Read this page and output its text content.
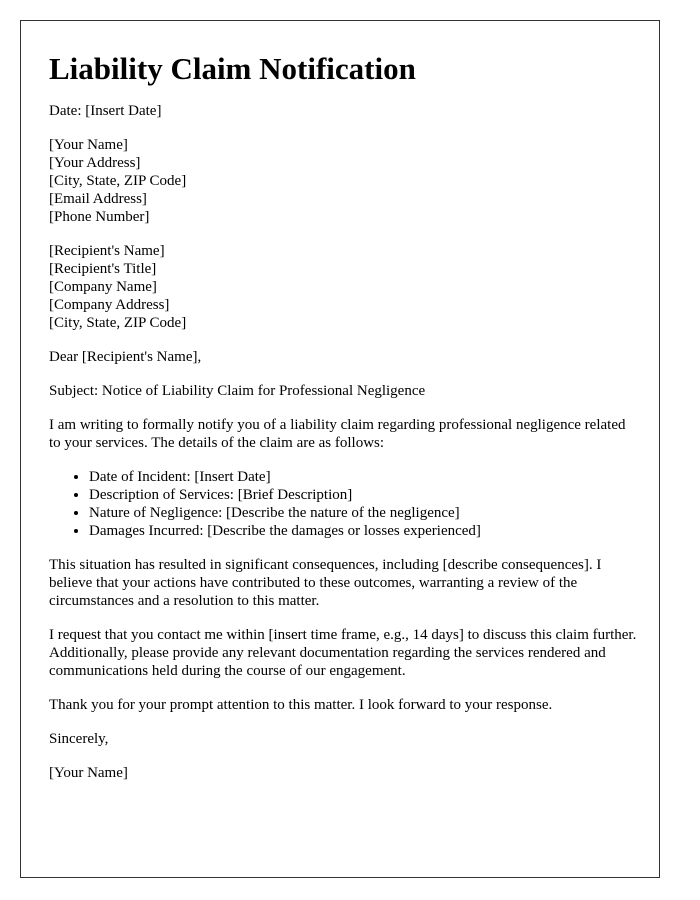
Liability Claim Notification

Date: [Insert Date]

[Your Name]
[Your Address]
[City, State, ZIP Code]
[Email Address]
[Phone Number]
[Recipient's Name]
[Recipient's Title]
[Company Name]
[Company Address]
[City, State, ZIP Code]

Dear [Recipient's Name],

Subject: Notice of Liability Claim for Professional Negligence

I am writing to formally notify you of a liability claim regarding professional negligence related to your services. The details of the claim are as follows:

• Date of Incident: [Insert Date]
• Description of Services: [Brief Description]
• Nature of Negligence: [Describe the nature of the negligence]
• Damages Incurred: [Describe the damages or losses experienced]

This situation has resulted in significant consequences, including [describe consequences]. I believe that your actions have contributed to these outcomes, warranting a review of the circumstances and a resolution to this matter.

I request that you contact me within [insert time frame, e.g., 14 days] to discuss this claim further. Additionally, please provide any relevant documentation regarding the services rendered and communications held during the course of our engagement.

Thank you for your prompt attention to this matter. I look forward to your response.

Sincerely,

[Your Name]
